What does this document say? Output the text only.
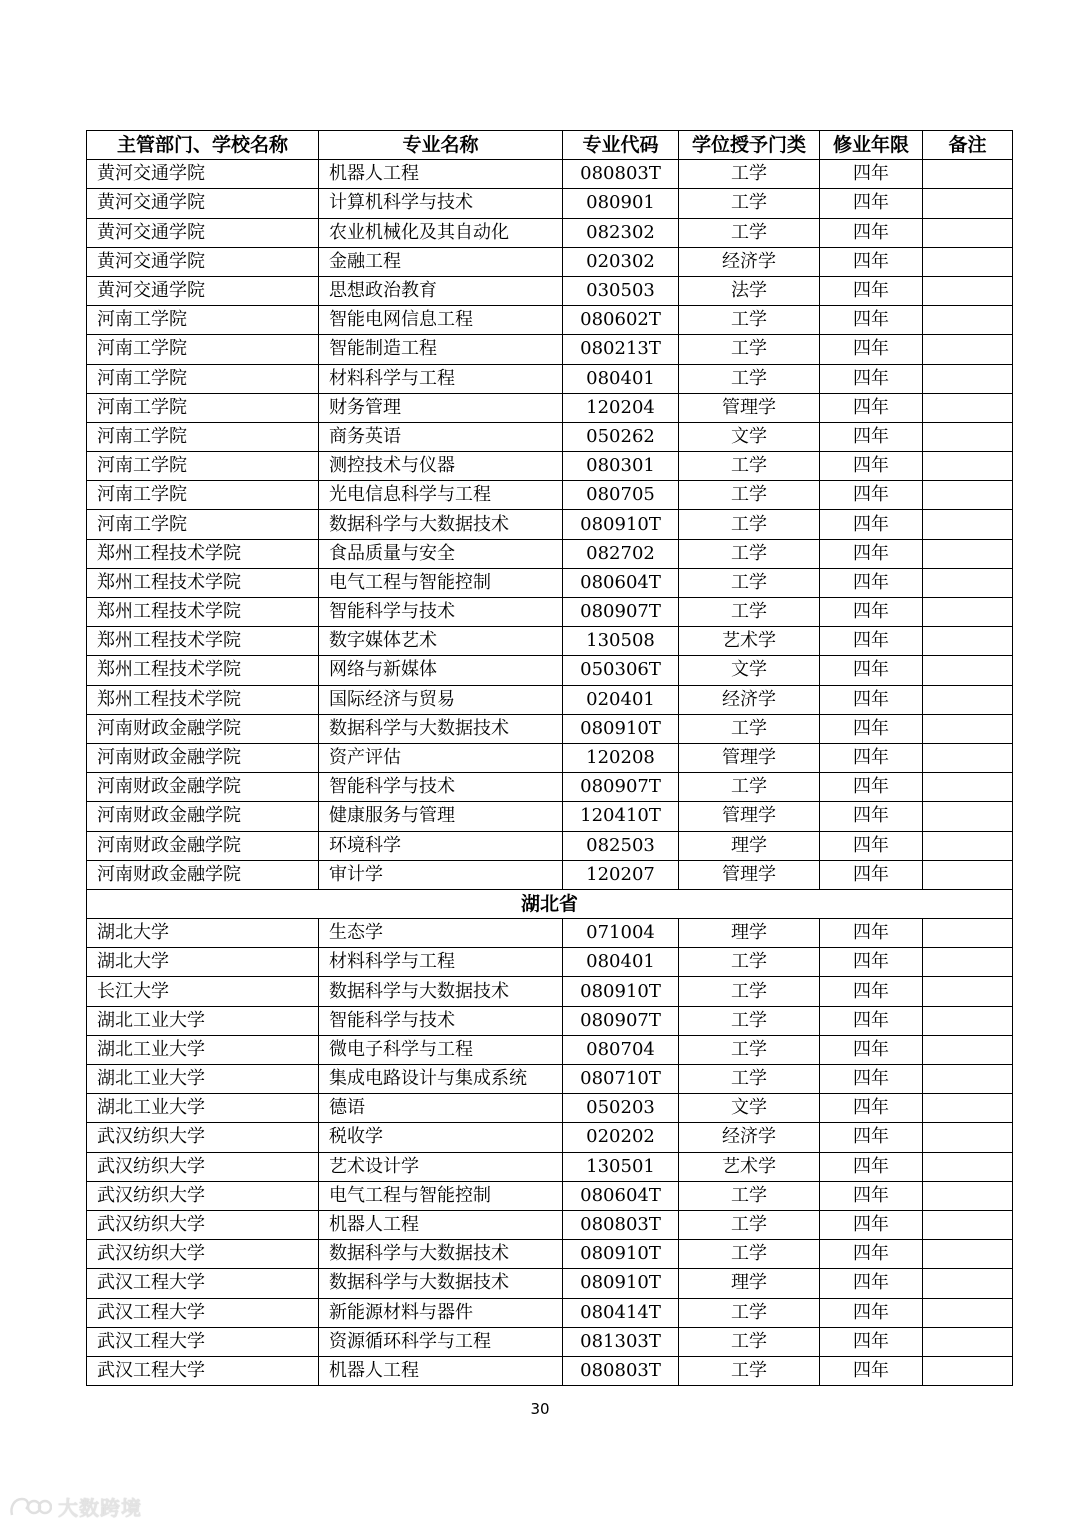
主管部门、学校名称	专业名称	专业代码	学位授予门类	修业年限	备注
黄河交通学院	机器人工程	080803T	工学	四年	
黄河交通学院	计算机科学与技术	080901	工学	四年	
黄河交通学院	农业机械化及其自动化	082302	工学	四年	
黄河交通学院	金融工程	020302	经济学	四年	
黄河交通学院	思想政治教育	030503	法学	四年	
河南工学院	智能电网信息工程	080602T	工学	四年	
河南工学院	智能制造工程	080213T	工学	四年	
河南工学院	材料科学与工程	080401	工学	四年	
河南工学院	财务管理	120204	管理学	四年	
河南工学院	商务英语	050262	文学	四年	
河南工学院	测控技术与仪器	080301	工学	四年	
河南工学院	光电信息科学与工程	080705	工学	四年	
河南工学院	数据科学与大数据技术	080910T	工学	四年	
郑州工程技术学院	食品质量与安全	082702	工学	四年	
郑州工程技术学院	电气工程与智能控制	080604T	工学	四年	
郑州工程技术学院	智能科学与技术	080907T	工学	四年	
郑州工程技术学院	数字媒体艺术	130508	艺术学	四年	
郑州工程技术学院	网络与新媒体	050306T	文学	四年	
郑州工程技术学院	国际经济与贸易	020401	经济学	四年	
河南财政金融学院	数据科学与大数据技术	080910T	工学	四年	
河南财政金融学院	资产评估	120208	管理学	四年	
河南财政金融学院	智能科学与技术	080907T	工学	四年	
河南财政金融学院	健康服务与管理	120410T	管理学	四年	
河南财政金融学院	环境科学	082503	理学	四年	
河南财政金融学院	审计学	120207	管理学	四年	
湖北省					
湖北大学	生态学	071004	理学	四年	
湖北大学	材料科学与工程	080401	工学	四年	
长江大学	数据科学与大数据技术	080910T	工学	四年	
湖北工业大学	智能科学与技术	080907T	工学	四年	
湖北工业大学	微电子科学与工程	080704	工学	四年	
湖北工业大学	集成电路设计与集成系统	080710T	工学	四年	
湖北工业大学	德语	050203	文学	四年	
武汉纺织大学	税收学	020202	经济学	四年	
武汉纺织大学	艺术设计学	130501	艺术学	四年	
武汉纺织大学	电气工程与智能控制	080604T	工学	四年	
武汉纺织大学	机器人工程	080803T	工学	四年	
武汉纺织大学	数据科学与大数据技术	080910T	工学	四年	
武汉工程大学	数据科学与大数据技术	080910T	理学	四年	
武汉工程大学	新能源材料与器件	080414T	工学	四年	
武汉工程大学	资源循环科学与工程	081303T	工学	四年	
武汉工程大学	机器人工程	080803T	工学	四年	
30
大数跨境
